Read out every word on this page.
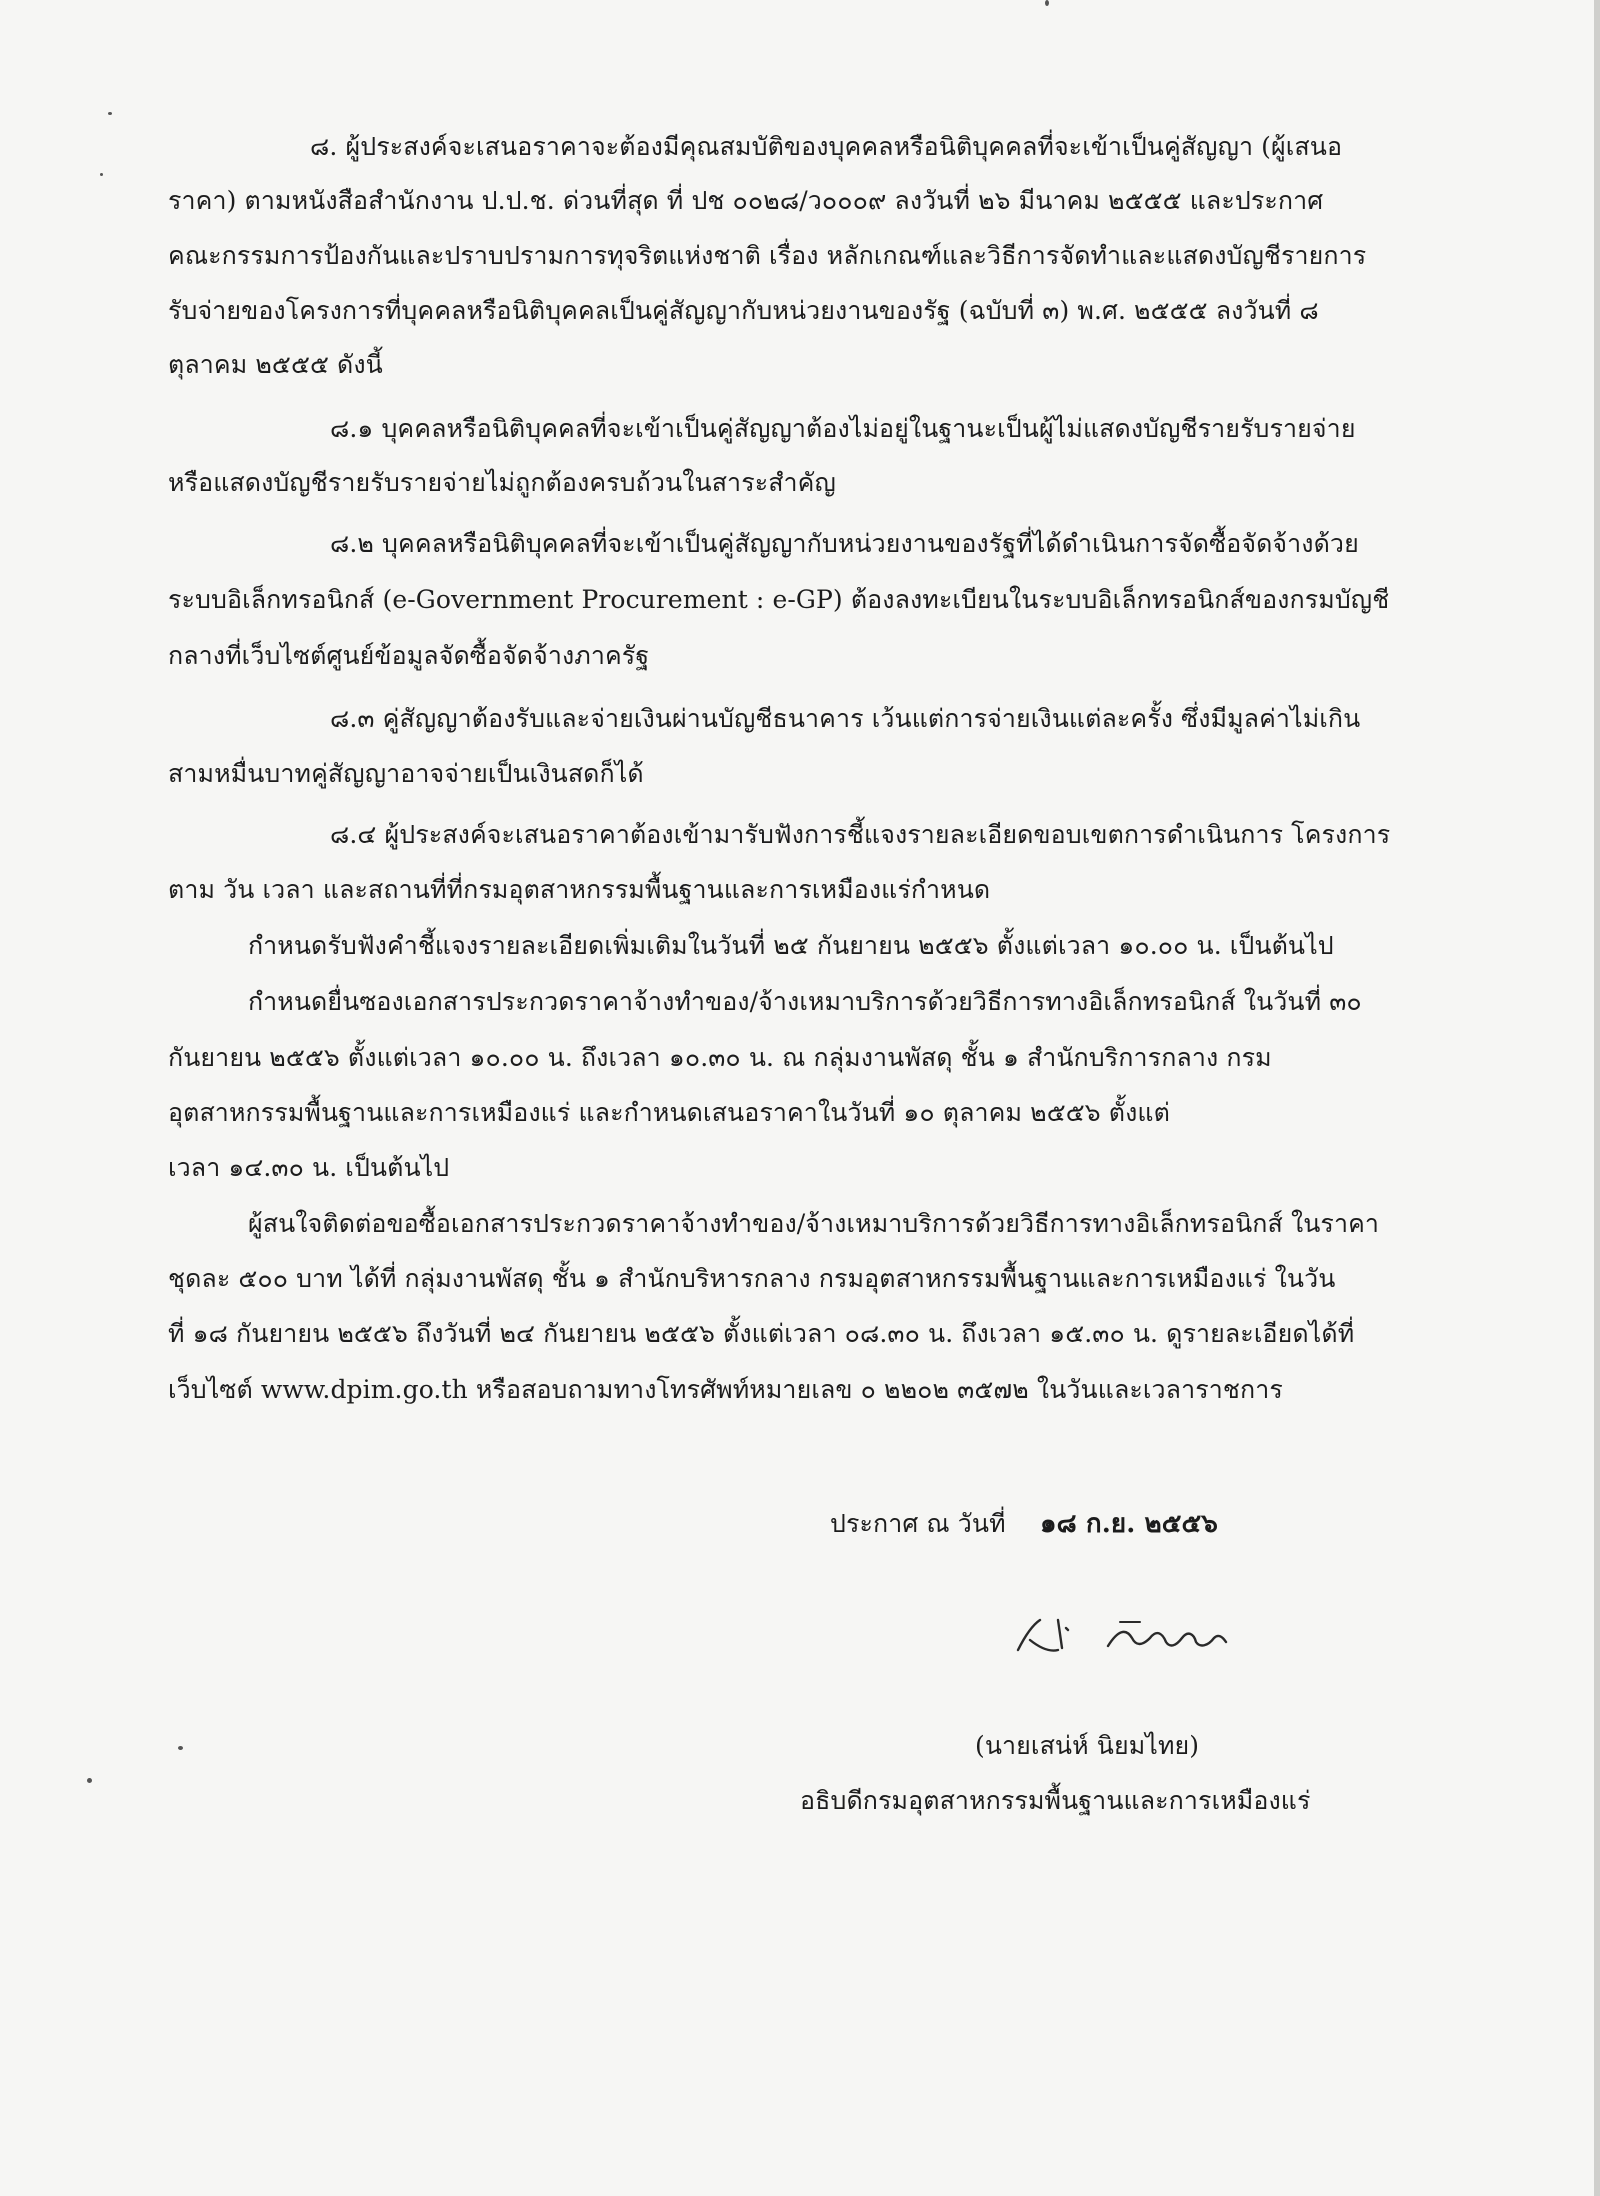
๘. ผู้ประสงค์จะเสนอราคาจะต้องมีคุณสมบัติของบุคคลหรือนิติบุคคลที่จะเข้าเป็นคู่สัญญา (ผู้เสนอ
ราคา) ตามหนังสือสำนักงาน ป.ป.ช. ด่วนที่สุด ที่ ปช ๐๐๒๘/ว๐๐๐๙ ลงวันที่ ๒๖ มีนาคม ๒๕๕๕ และประกาศ
คณะกรรมการป้องกันและปราบปรามการทุจริตแห่งชาติ เรื่อง หลักเกณฑ์และวิธีการจัดทำและแสดงบัญชีรายการ
รับจ่ายของโครงการที่บุคคลหรือนิติบุคคลเป็นคู่สัญญากับหน่วยงานของรัฐ (ฉบับที่ ๓) พ.ศ. ๒๕๕๕ ลงวันที่ ๘
ตุลาคม ๒๕๕๕ ดังนี้
๘.๑ บุคคลหรือนิติบุคคลที่จะเข้าเป็นคู่สัญญาต้องไม่อยู่ในฐานะเป็นผู้ไม่แสดงบัญชีรายรับรายจ่าย
หรือแสดงบัญชีรายรับรายจ่ายไม่ถูกต้องครบถ้วนในสาระสำคัญ
๘.๒ บุคคลหรือนิติบุคคลที่จะเข้าเป็นคู่สัญญากับหน่วยงานของรัฐที่ได้ดำเนินการจัดซื้อจัดจ้างด้วย
ระบบอิเล็กทรอนิกส์ (e-Government Procurement : e-GP) ต้องลงทะเบียนในระบบอิเล็กทรอนิกส์ของกรมบัญชี
กลางที่เว็บไซต์ศูนย์ข้อมูลจัดซื้อจัดจ้างภาครัฐ
๘.๓ คู่สัญญาต้องรับและจ่ายเงินผ่านบัญชีธนาคาร เว้นแต่การจ่ายเงินแต่ละครั้ง ซึ่งมีมูลค่าไม่เกิน
สามหมื่นบาทคู่สัญญาอาจจ่ายเป็นเงินสดก็ได้
๘.๔ ผู้ประสงค์จะเสนอราคาต้องเข้ามารับฟังการชี้แจงรายละเอียดขอบเขตการดำเนินการ โครงการ
ตาม วัน เวลา และสถานที่ที่กรมอุตสาหกรรมพื้นฐานและการเหมืองแร่กำหนด
กำหนดรับฟังคำชี้แจงรายละเอียดเพิ่มเติมในวันที่ ๒๕ กันยายน ๒๕๕๖ ตั้งแต่เวลา ๑๐.๐๐ น. เป็นต้นไป
กำหนดยื่นซองเอกสารประกวดราคาจ้างทำของ/จ้างเหมาบริการด้วยวิธีการทางอิเล็กทรอนิกส์ ในวันที่ ๓๐
กันยายน ๒๕๕๖ ตั้งแต่เวลา ๑๐.๐๐ น. ถึงเวลา ๑๐.๓๐ น. ณ กลุ่มงานพัสดุ ชั้น ๑ สำนักบริการกลาง กรม
อุตสาหกรรมพื้นฐานและการเหมืองแร่ และกำหนดเสนอราคาในวันที่ ๑๐ ตุลาคม ๒๕๕๖ ตั้งแต่
เวลา ๑๔.๓๐ น. เป็นต้นไป
ผู้สนใจติดต่อขอซื้อเอกสารประกวดราคาจ้างทำของ/จ้างเหมาบริการด้วยวิธีการทางอิเล็กทรอนิกส์ ในราคา
ชุดละ ๕๐๐ บาท ได้ที่ กลุ่มงานพัสดุ ชั้น ๑ สำนักบริหารกลาง กรมอุตสาหกรรมพื้นฐานและการเหมืองแร่ ในวัน
ที่ ๑๘ กันยายน ๒๕๕๖ ถึงวันที่ ๒๔ กันยายน ๒๕๕๖ ตั้งแต่เวลา ๐๘.๓๐ น. ถึงเวลา ๑๕.๓๐ น. ดูรายละเอียดได้ที่
เว็บไซต์ www.dpim.go.th หรือสอบถามทางโทรศัพท์หมายเลข ๐ ๒๒๐๒ ๓๕๗๒ ในวันและเวลาราชการ
ประกาศ ณ วันที่ ๑๘ ก.ย. ๒๕๕๖
(นายเสน่ห์ นิยมไทย)
อธิบดีกรมอุตสาหกรรมพื้นฐานและการเหมืองแร่
